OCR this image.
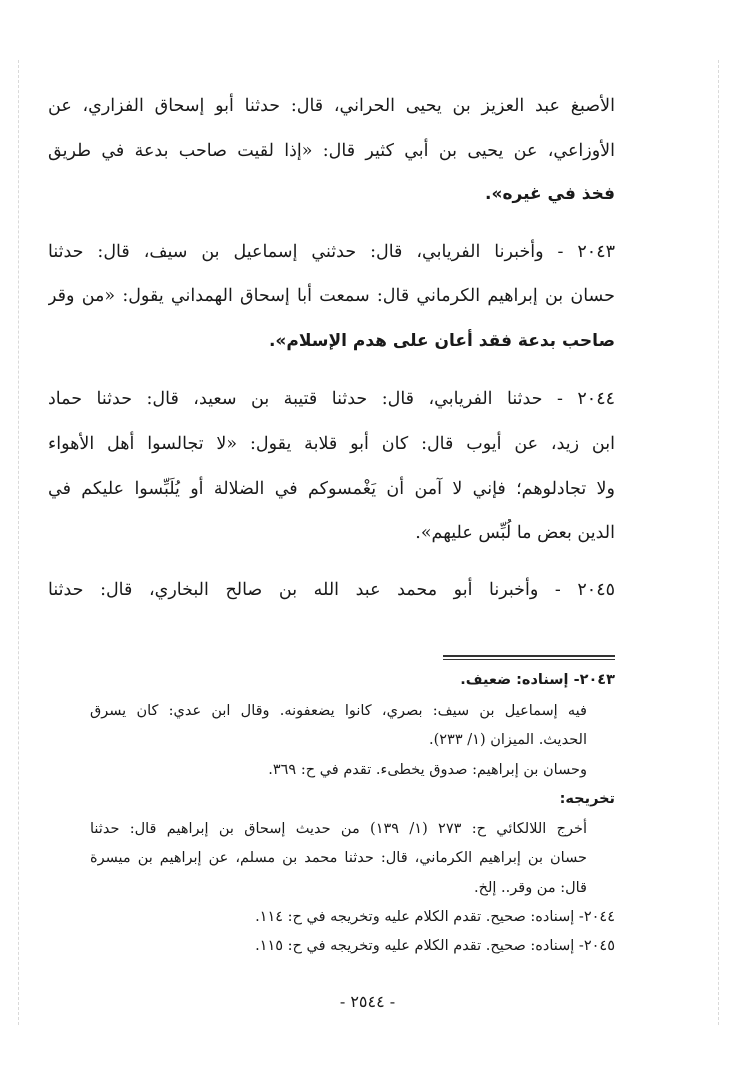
الأصبغ عبد العزيز بن يحيى الحراني، قال: حدثنا أبو إسحاق الفزاري، عن
الأوزاعي، عن يحيى بن أبي كثير قال: «إذا لقيت صاحب بدعة في طريق
فخذ في غيره».
٢٠٤٣ - وأخبرنا الفريابي، قال: حدثني إسماعيل بن سيف، قال: حدثنا
حسان بن إبراهيم الكرماني قال: سمعت أبا إسحاق الهمداني يقول: «من وقر
صاحب بدعة فقد أعان على هدم الإسلام».
٢٠٤٤ - حدثنا الفريابي، قال: حدثنا قتيبة بن سعيد، قال: حدثنا حماد
ابن زيد، عن أيوب قال: كان أبو قلابة يقول: «لا تجالسوا أهل الأهواء
ولا تجادلوهم؛ فإني لا آمن أن يَغْمسوكم في الضلالة أو يُلَبِّسوا عليكم في
الدين بعض ما لُبِّس عليهم».
٢٠٤٥ - وأخبرنا أبو محمد عبد الله بن صالح البخاري، قال: حدثنا
٢٠٤٣- إسناده: ضعيف.
فيه إسماعيل بن سيف: بصري، كانوا يضعفونه. وقال ابن عدي: كان يسرق
الحديث. الميزان (١/ ٢٣٣).
وحسان بن إبراهيم: صدوق يخطىء. تقدم في ح: ٣٦٩.
تخريجه:
أخرج اللالكائي ح: ٢٧٣ (١/ ١٣٩) من حديث إسحاق بن إبراهيم قال: حدثنا
حسان بن إبراهيم الكرماني، قال: حدثنا محمد بن مسلم، عن إبراهيم بن ميسرة
قال: من وقر.. إلخ.
٢٠٤٤- إسناده: صحيح. تقدم الكلام عليه وتخريجه في ح: ١١٤.
٢٠٤٥- إسناده: صحيح. تقدم الكلام عليه وتخريجه في ح: ١١٥.
- ٢٥٤٤ -
